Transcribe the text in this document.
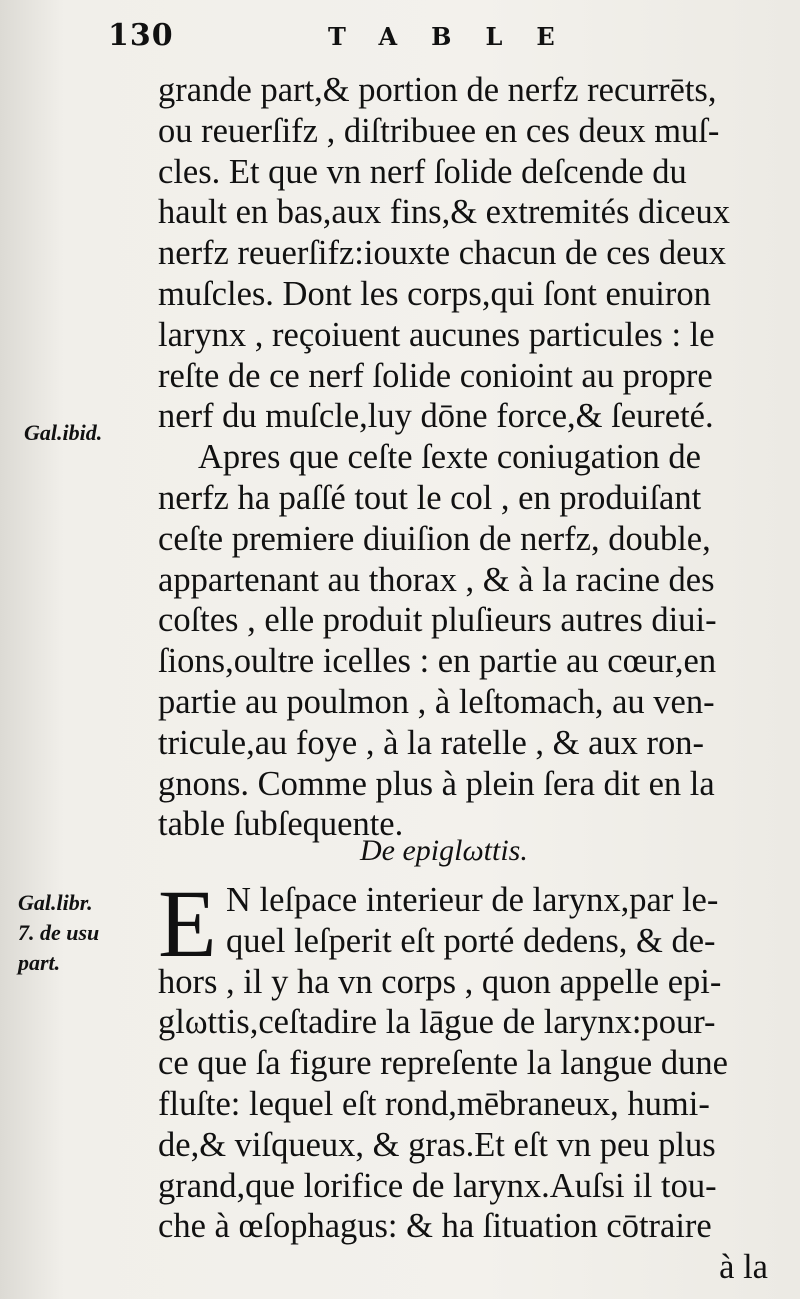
130	TABLE
Gal.ibid.
grande part,& portion de nerfz recurrēts,
ou reuerſifz , diſtribuee en ces deux muſ-
cles. Et que vn nerf ſolide deſcende du
hault en bas,aux fins,& extremités diceux
nerfz reuerſifz:iouxte chacun de ces deux
muſcles. Dont les corps,qui ſont enuiron
larynx , reçoiuent aucunes particules : le
reſte de ce nerf ſolide conioint au propre
nerf du muſcle,luy dōne force,& ſeureté.
Apres que ceſte ſexte coniugation de
nerfz ha paſſé tout le col , en produiſant
ceſte premiere diuiſion de nerfz, double,
appartenant au thorax , & à la racine des
coſtes , elle produit pluſieurs autres diui-
ſions,oultre icelles : en partie au cœur,en
partie au poulmon , à leſtomach, au ven-
tricule,au foye , à la ratelle , & aux ron-
gnons. Comme plus à plein ſera dit en la
table ſubſequente.
De epiglωttis.
Gal.libr.
7. de usu
part.	E N leſpace interieur de larynx,par le-
quel leſperit eſt porté dedens, & de-
hors , il y ha vn corps , quon appelle epi-
glωttis,ceſtadire la lāgue de larynx:pour-
ce que ſa figure repreſente la langue dune
fluſte: lequel eſt rond,mēbraneux, humi-
de,& viſqueux, & gras.Et eſt vn peu plus
grand,que lorifice de larynx.Auſsi il tou-
che à œſophagus: & ha ſituation cōtraire
à la
